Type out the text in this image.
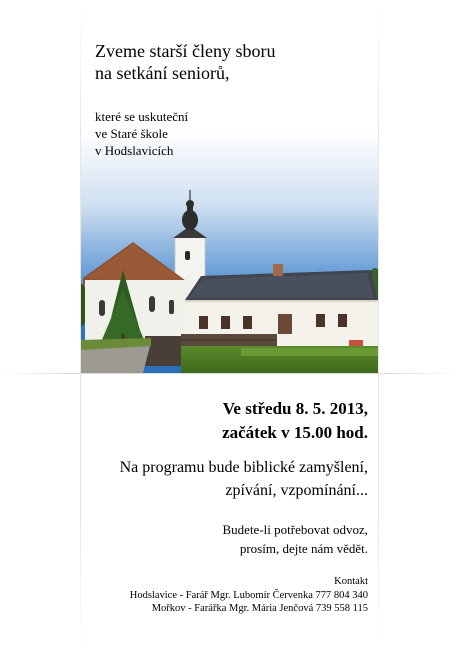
Zveme starší členy sboru
na setkání seniorů,
které se uskuteční
ve Staré škole
v Hodslavicích
Ve středu 8. 5. 2013,
začátek v 15.00 hod.
Na programu bude biblické zamyšlení,
zpívání, vzpomínání...
Budete-li potřebovat odvoz,
prosím, dejte nám vědět.
Kontakt
Hodslavice - Farář Mgr. Lubomír Červenka 777 804 340
Mořkov - Farářka Mgr. Mária Jenčová 739 558 115
